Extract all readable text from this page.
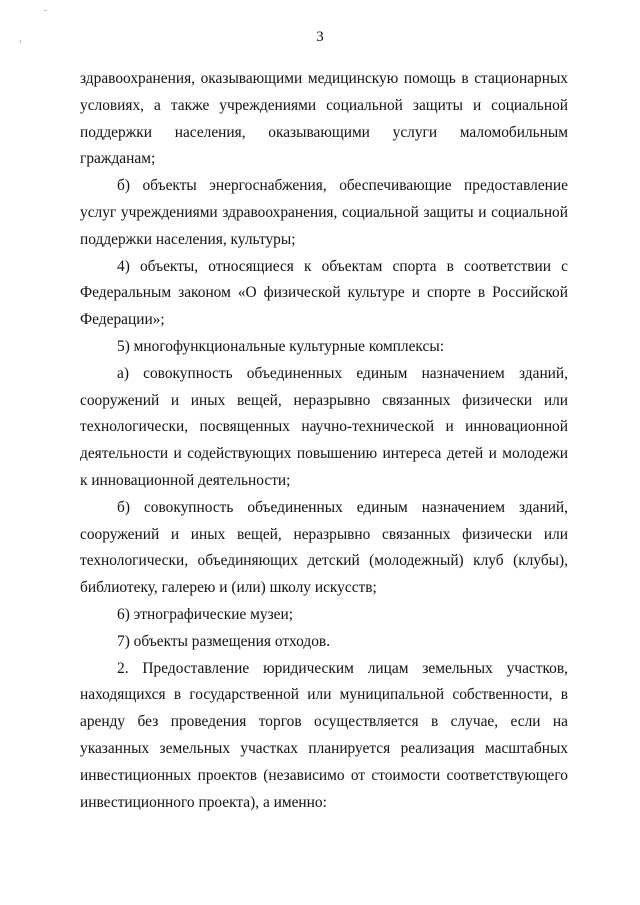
3

здравоохранения, оказывающими медицинскую помощь в стационарных условиях, а также учреждениями социальной защиты и социальной поддержки населения, оказывающими услуги маломобильным гражданам;

б) объекты энергоснабжения, обеспечивающие предоставление услуг учреждениями здравоохранения, социальной защиты и социальной поддержки населения, культуры;

4) объекты, относящиеся к объектам спорта в соответствии с Федеральным законом «О физической культуре и спорте в Российской Федерации»;

5) многофункциональные культурные комплексы:

а) совокупность объединенных единым назначением зданий, сооружений и иных вещей, неразрывно связанных физически или технологически, посвященных научно-технической и инновационной деятельности и содействующих повышению интереса детей и молодежи к инновационной деятельности;

б) совокупность объединенных единым назначением зданий, сооружений и иных вещей, неразрывно связанных физически или технологически, объединяющих детский (молодежный) клуб (клубы), библиотеку, галерею и (или) школу искусств;

6) этнографические музеи;

7) объекты размещения отходов.

2. Предоставление юридическим лицам земельных участков, находящихся в государственной или муниципальной собственности, в аренду без проведения торгов осуществляется в случае, если на указанных земельных участках планируется реализация масштабных инвестиционных проектов (независимо от стоимости соответствующего инвестиционного проекта), а именно:
